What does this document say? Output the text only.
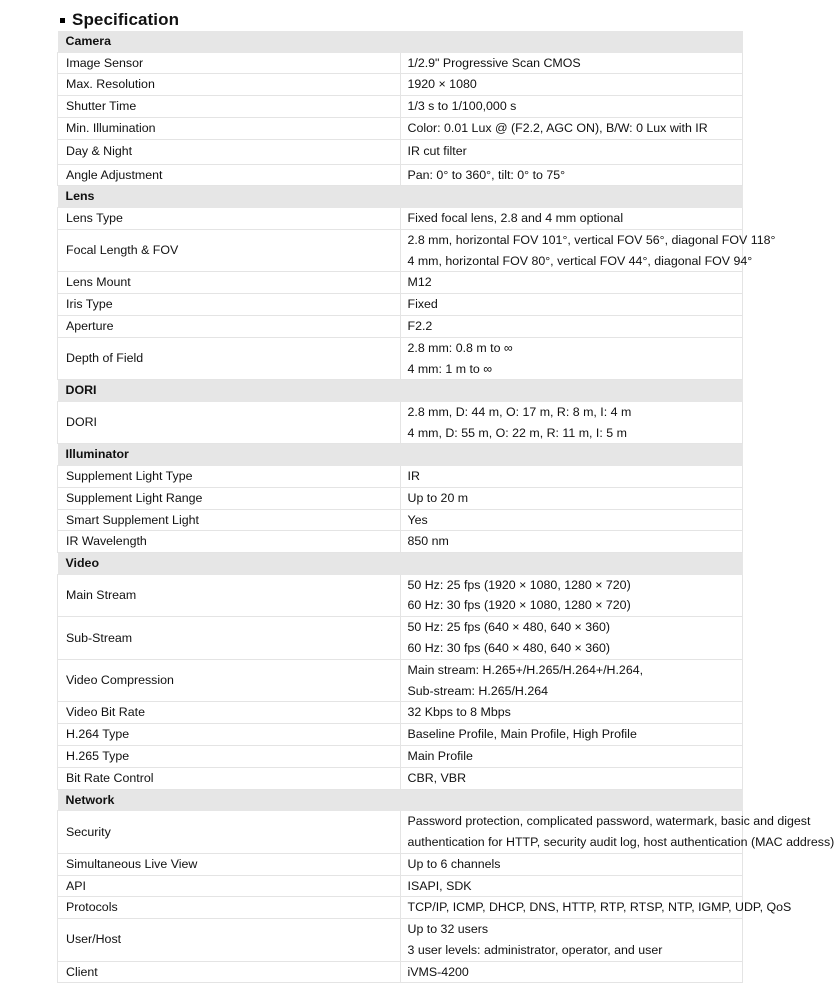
Specification
Camera	
Image Sensor	1/2.9" Progressive Scan CMOS

Max. Resolution	1920 × 1080

Shutter Time	1/3 s to 1/100,000 s

Min. Illumination	Color: 0.01 Lux @ (F2.2, AGC ON), B/W: 0 Lux with IR

Day & Night	IR cut filter

Angle Adjustment	Pan: 0° to 360°, tilt: 0° to 75°

Lens	
Lens Type	Fixed focal lens, 2.8 and 4 mm optional

Focal Length & FOV	2.8 mm, horizontal FOV 101°, vertical FOV 56°, diagonal FOV 118°
4 mm, horizontal FOV 80°, vertical FOV 44°, diagonal FOV 94°

Lens Mount	M12

Iris Type	Fixed

Aperture	F2.2

Depth of Field	2.8 mm: 0.8 m to ∞
4 mm: 1 m to ∞

DORI	
DORI	2.8 mm, D: 44 m, O: 17 m, R: 8 m, I: 4 m
4 mm, D: 55 m, O: 22 m, R: 11 m, I: 5 m

Illuminator	
Supplement Light Type	IR

Supplement Light Range	Up to 20 m

Smart Supplement Light	Yes

IR Wavelength	850 nm

Video	
Main Stream	50 Hz: 25 fps (1920 × 1080, 1280 × 720)
60 Hz: 30 fps (1920 × 1080, 1280 × 720)

Sub-Stream	50 Hz: 25 fps (640 × 480, 640 × 360)
60 Hz: 30 fps (640 × 480, 640 × 360)

Video Compression	Main stream: H.265+/H.265/H.264+/H.264,
Sub-stream: H.265/H.264

Video Bit Rate	32 Kbps to 8 Mbps

H.264 Type	Baseline Profile, Main Profile, High Profile

H.265 Type	Main Profile

Bit Rate Control	CBR, VBR

Network	
Security	Password protection, complicated password, watermark, basic and digest
authentication for HTTP, security audit log, host authentication (MAC address)

Simultaneous Live View	Up to 6 channels

API	ISAPI, SDK

Protocols	TCP/IP, ICMP, DHCP, DNS, HTTP, RTP, RTSP, NTP, IGMP, UDP, QoS

User/Host	Up to 32 users
3 user levels: administrator, operator, and user

Client	iVMS-4200
